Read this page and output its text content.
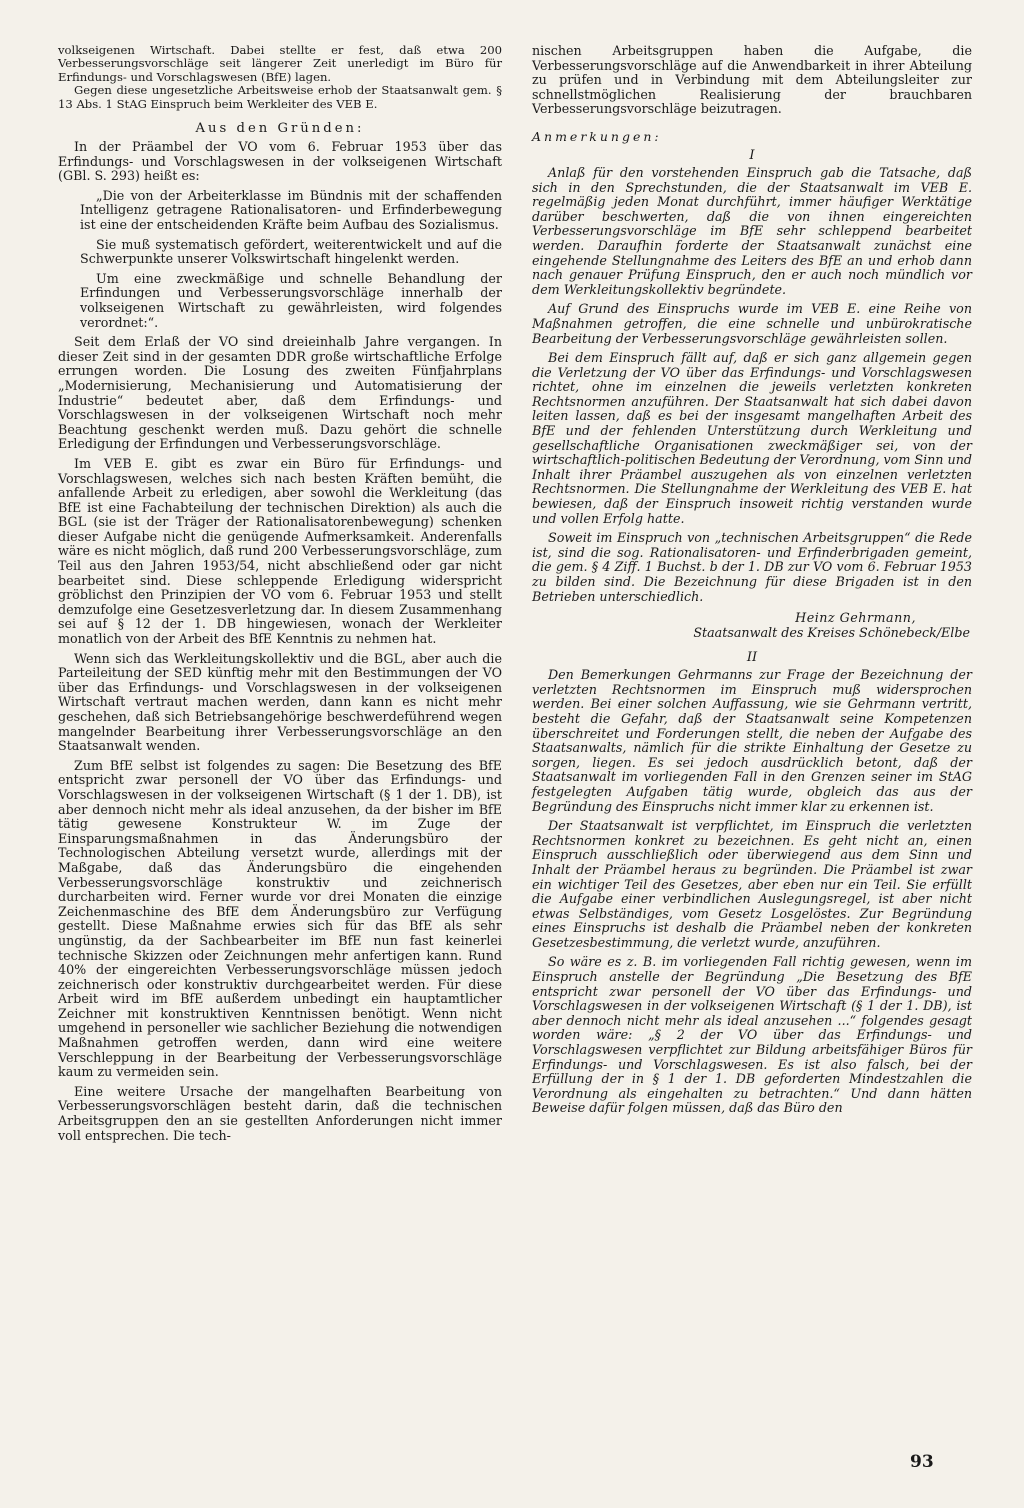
volkseigenen Wirtschaft. Dabei stellte er fest, daß etwa 200 Verbesserungsvorschläge seit längerer Zeit unerledigt im Büro für Erfindungs- und Vorschlagswesen (BfE) lagen.

Gegen diese ungesetzliche Arbeitsweise erhob der Staatsanwalt gem. § 13 Abs. 1 StAG Einspruch beim Werkleiter des VEB E.

Aus den Gründen:

In der Präambel der VO vom 6. Februar 1953 über das Erfindungs- und Vorschlagswesen in der volkseigenen Wirtschaft (GBl. S. 293) heißt es:

„Die von der Arbeiterklasse im Bündnis mit der schaffenden Intelligenz getragene Rationalisatoren- und Erfinderbewegung ist eine der entscheidenden Kräfte beim Aufbau des Sozialismus.

Sie muß systematisch gefördert, weiterentwickelt und auf die Schwerpunkte unserer Volkswirtschaft hingelenkt werden.

Um eine zweckmäßige und schnelle Behandlung der Erfindungen und Verbesserungsvorschläge innerhalb der volkseigenen Wirtschaft zu gewährleisten, wird folgendes verordnet:“.

Seit dem Erlaß der VO sind dreieinhalb Jahre vergangen. In dieser Zeit sind in der gesamten DDR große wirtschaftliche Erfolge errungen worden. Die Losung des zweiten Fünfjahrplans „Modernisierung, Mechanisierung und Automatisierung der Industrie“ bedeutet aber, daß dem Erfindungs- und Vorschlagswesen in der volkseigenen Wirtschaft noch mehr Beachtung geschenkt werden muß. Dazu gehört die schnelle Erledigung der Erfindungen und Verbesserungsvorschläge.

Im VEB E. gibt es zwar ein Büro für Erfindungs- und Vorschlagswesen, welches sich nach besten Kräften bemüht, die anfallende Arbeit zu erledigen, aber sowohl die Werkleitung (das BfE ist eine Fachabteilung der technischen Direktion) als auch die BGL (sie ist der Träger der Rationalisatorenbewegung) schenken dieser Aufgabe nicht die genügende Aufmerksamkeit. Anderenfalls wäre es nicht möglich, daß rund 200 Verbesserungsvorschläge, zum Teil aus den Jahren 1953/54, nicht abschließend oder gar nicht bearbeitet sind. Diese schleppende Erledigung widerspricht gröblichst den Prinzipien der VO vom 6. Februar 1953 und stellt demzufolge eine Gesetzesverletzung dar. In diesem Zusammenhang sei auf § 12 der 1. DB hingewiesen, wonach der Werkleiter monatlich von der Arbeit des BfE Kenntnis zu nehmen hat.

Wenn sich das Werkleitungskollektiv und die BGL, aber auch die Parteileitung der SED künftig mehr mit den Bestimmungen der VO über das Erfindungs- und Vorschlagswesen in der volkseigenen Wirtschaft vertraut machen werden, dann kann es nicht mehr geschehen, daß sich Betriebsangehörige beschwerdeführend wegen mangelnder Bearbeitung ihrer Verbesserungsvorschläge an den Staatsanwalt wenden.

Zum BfE selbst ist folgendes zu sagen: Die Besetzung des BfE entspricht zwar personell der VO über das Erfindungs- und Vorschlagswesen in der volkseigenen Wirtschaft (§ 1 der 1. DB), ist aber dennoch nicht mehr als ideal anzusehen, da der bisher im BfE tätig gewesene Konstrukteur W. im Zuge der Einsparungsmaßnahmen in das Änderungsbüro der Technologischen Abteilung versetzt wurde, allerdings mit der Maßgabe, daß das Änderungsbüro die eingehenden Verbesserungsvorschläge konstruktiv und zeichnerisch durcharbeiten wird. Ferner wurde vor drei Monaten die einzige Zeichenmaschine des BfE dem Änderungsbüro zur Verfügung gestellt. Diese Maßnahme erwies sich für das BfE als sehr ungünstig, da der Sachbearbeiter im BfE nun fast keinerlei technische Skizzen oder Zeichnungen mehr anfertigen kann. Rund 40% der eingereichten Verbesserungsvorschläge müssen jedoch zeichnerisch oder konstruktiv durchgearbeitet werden. Für diese Arbeit wird im BfE außerdem unbedingt ein hauptamtlicher Zeichner mit konstruktiven Kenntnissen benötigt. Wenn nicht umgehend in personeller wie sachlicher Beziehung die notwendigen Maßnahmen getroffen werden, dann wird eine weitere Verschleppung in der Bearbeitung der Verbesserungsvorschläge kaum zu vermeiden sein.

Eine weitere Ursache der mangelhaften Bearbeitung von Verbesserungsvorschlägen besteht darin, daß die technischen Arbeitsgruppen den an sie gestellten Anforderungen nicht immer voll entsprechen. Die tech-

nischen Arbeitsgruppen haben die Aufgabe, die Verbesserungsvorschläge auf die Anwendbarkeit in ihrer Abteilung zu prüfen und in Verbindung mit dem Abteilungsleiter zur schnellstmöglichen Realisierung der brauchbaren Verbesserungsvorschläge beizutragen.

Anmerkungen:
I

Anlaß für den vorstehenden Einspruch gab die Tatsache, daß sich in den Sprechstunden, die der Staatsanwalt im VEB E. regelmäßig jeden Monat durchführt, immer häufiger Werktätige darüber beschwerten, daß die von ihnen eingereichten Verbesserungsvorschläge im BfE sehr schleppend bearbeitet werden. Daraufhin forderte der Staatsanwalt zunächst eine eingehende Stellungnahme des Leiters des BfE an und erhob dann nach genauer Prüfung Einspruch, den er auch noch mündlich vor dem Werkleitungskollektiv begründete.

Auf Grund des Einspruchs wurde im VEB E. eine Reihe von Maßnahmen getroffen, die eine schnelle und unbürokratische Bearbeitung der Verbesserungsvorschläge gewährleisten sollen.

Bei dem Einspruch fällt auf, daß er sich ganz allgemein gegen die Verletzung der VO über das Erfindungs- und Vorschlagswesen richtet, ohne im einzelnen die jeweils verletzten konkreten Rechtsnormen anzuführen. Der Staatsanwalt hat sich dabei davon leiten lassen, daß es bei der insgesamt mangelhaften Arbeit des BfE und der fehlenden Unterstützung durch Werkleitung und gesellschaftliche Organisationen zweckmäßiger sei, von der wirtschaftlich-politischen Bedeutung der Verordnung, vom Sinn und Inhalt ihrer Präambel auszugehen als von einzelnen verletzten Rechtsnormen. Die Stellungnahme der Werkleitung des VEB E. hat bewiesen, daß der Einspruch insoweit richtig verstanden wurde und vollen Erfolg hatte.

Soweit im Einspruch von „technischen Arbeitsgruppen“ die Rede ist, sind die sog. Rationalisatoren- und Erfinderbrigaden gemeint, die gem. § 4 Ziff. 1 Buchst. b der 1. DB zur VO vom 6. Februar 1953 zu bilden sind. Die Bezeichnung für diese Brigaden ist in den Betrieben unterschiedlich.

Heinz Gehrmann,
Staatsanwalt des Kreises Schönebeck/Elbe
II

Den Bemerkungen Gehrmanns zur Frage der Bezeichnung der verletzten Rechtsnormen im Einspruch muß widersprochen werden. Bei einer solchen Auffassung, wie sie Gehrmann vertritt, besteht die Gefahr, daß der Staatsanwalt seine Kompetenzen überschreitet und Forderungen stellt, die neben der Aufgabe des Staatsanwalts, nämlich für die strikte Einhaltung der Gesetze zu sorgen, liegen. Es sei jedoch ausdrücklich betont, daß der Staatsanwalt im vorliegenden Fall in den Grenzen seiner im StAG festgelegten Aufgaben tätig wurde, obgleich das aus der Begründung des Einspruchs nicht immer klar zu erkennen ist.

Der Staatsanwalt ist verpflichtet, im Einspruch die verletzten Rechtsnormen konkret zu bezeichnen. Es geht nicht an, einen Einspruch ausschließlich oder überwiegend aus dem Sinn und Inhalt der Präambel heraus zu begründen. Die Präambel ist zwar ein wichtiger Teil des Gesetzes, aber eben nur ein Teil. Sie erfüllt die Aufgabe einer verbindlichen Auslegungsregel, ist aber nicht etwas Selbständiges, vom Gesetz Losgelöstes. Zur Begründung eines Einspruchs ist deshalb die Präambel neben der konkreten Gesetzesbestimmung, die verletzt wurde, anzuführen.

So wäre es z. B. im vorliegenden Fall richtig gewesen, wenn im Einspruch anstelle der Begründung „Die Besetzung des BfE entspricht zwar personell der VO über das Erfindungs- und Vorschlagswesen in der volkseigenen Wirtschaft (§ 1 der 1. DB), ist aber dennoch nicht mehr als ideal anzusehen ...“ folgendes gesagt worden wäre: „§ 2 der VO über das Erfindungs- und Vorschlagswesen verpflichtet zur Bildung arbeitsfähiger Büros für Erfindungs- und Vorschlagswesen. Es ist also falsch, bei der Erfüllung der in § 1 der 1. DB geforderten Mindestzahlen die Verordnung als eingehalten zu betrachten.“ Und dann hätten Beweise dafür folgen müssen, daß das Büro den

93
